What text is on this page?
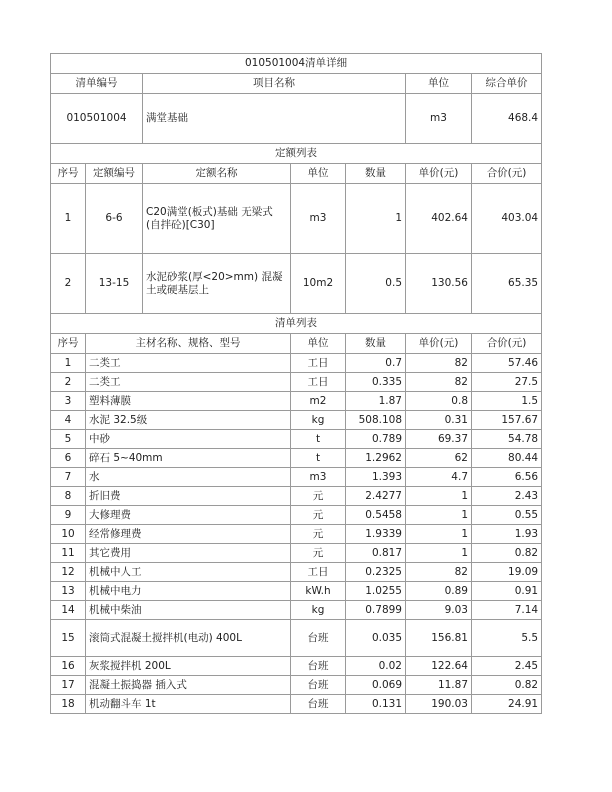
010501004清单详细						
清单编号		项目名称			单位	综合单价
010501004		满堂基础			m3	468.4
定额列表						
序号	定额编号	定额名称	单位	数量	单价(元)	合价(元)
1	6-6	C20满堂(板式)基础 无梁式(自拌砼)[C30]	m3	1	402.64	403.04
2	13-15	水泥砂浆(厚<20>mm) 混凝土或硬基层上	10m2	0.5	130.56	65.35
清单列表						
序号	主材名称、规格、型号		单位	数量	单价(元)	合价(元)
1	二类工		工日	0.7	82	57.46
2	二类工		工日	0.335	82	27.5
3	塑料薄膜		m2	1.87	0.8	1.5
4	水泥 32.5级		kg	508.108	0.31	157.67
5	中砂		t	0.789	69.37	54.78
6	碎石 5~40mm		t	1.2962	62	80.44
7	水		m3	1.393	4.7	6.56
8	折旧费		元	2.4277	1	2.43
9	大修理费		元	0.5458	1	0.55
10	经常修理费		元	1.9339	1	1.93
11	其它费用		元	0.817	1	0.82
12	机械中人工		工日	0.2325	82	19.09
13	机械中电力		kW.h	1.0255	0.89	0.91
14	机械中柴油		kg	0.7899	9.03	7.14
15	滚筒式混凝土搅拌机(电动) 400L		台班	0.035	156.81	5.5
16	灰浆搅拌机 200L		台班	0.02	122.64	2.45
17	混凝土振捣器 插入式		台班	0.069	11.87	0.82
18	机动翻斗车 1t		台班	0.131	190.03	24.91
